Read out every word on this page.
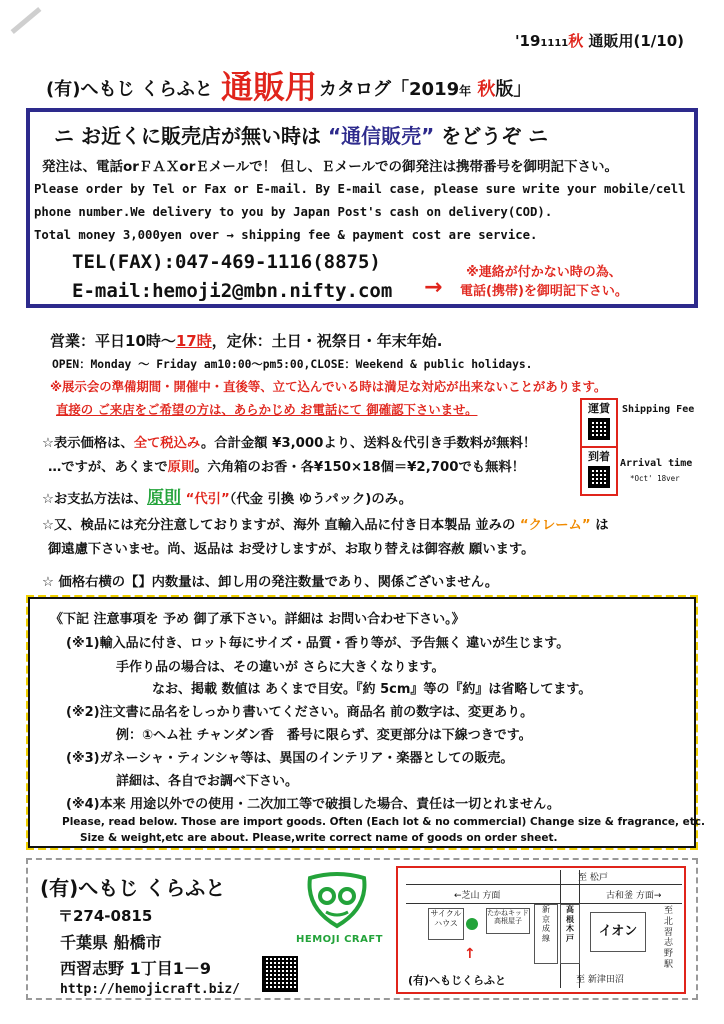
'191111秋 通販用(1/10)
(有)へもじ くらふと 通販用 カタログ「2019年 秋版」
ニ お近くに販売店が無い時は “通信販売” をどうぞ ニ
発注は、電話orＦＡＸorＥメールで！ 但し、Ｅメールでの御発注は携帯番号を御明記下さい。
Please order by Tel or Fax or E-mail. By E-mail case, please sure write your mobile/cell
phone number.We delivery to you by Japan Post's cash on delivery(COD).
Total money 3,000yen over → shipping fee & payment cost are service.
TEL(FAX):047-469-1116(8875)
E-mail:hemoji2@mbn.nifty.com →
※連絡が付かない時の為、
電話(携帯)を御明記下さい。
営業：平日10時～17時，定休：土日・祝祭日・年末年始.
OPEN：Monday ～ Friday am10:00～pm5:00,CLOSE：Weekend & public holidays.
※展示会の準備期間・開催中・直後等、立て込んでいる時は満足な対応が出来ないことがあります。
直接の ご来店をご希望の方は、あらかじめ お電話にて 御確認下さいませ。	運賃
到着
Shipping Fee
Arrival time
*Oct' 18ver
☆表示価格は、全て税込み。合計金額 ¥3,000より、送料＆代引き手数料が無料！
…ですが、あくまで原則。六角箱のお香・各¥150×18個＝¥2,700でも無料！
☆お支払方法は、原則 “代引”（代金 引換 ゆうパック)のみ。
☆又、検品には充分注意しておりますが、海外 直輸入品に付き日本製品 並みの “クレーム” は
御遠慮下さいませ。尚、返品は お受けしますが、お取り替えは御容赦 願います。
☆ 価格右横の【】内数量は、卸し用の発注数量であり、関係ございません。
《下記 注意事項を 予め 御了承下さい。詳細は お問い合わせ下さい。》
(※1)輸入品に付き、ロット毎にサイズ・品質・香り等が、予告無く 違いが生じます。
手作り品の場合は、その違いが さらに大きくなります。
なお、掲載 数値は あくまで目安。『約 5cm』等の『約』は省略してます。
(※2)注文書に品名をしっかり書いてください。商品名 前の数字は、変更あり。
例：①ヘム社 チャンダン香　番号に限らず、変更部分は下線つきです。
(※3)ガネーシャ・ティンシャ等は、異国のインテリア・楽器としての販売。
詳細は、各自でお調べ下さい。
(※4)本来 用途以外での使用・二次加工等で破損した場合、責任は一切とれません。
Please, read below. Those are import goods. Often (Each lot & no commercial) Change size & fragrance, etc.
Size & weight,etc are about. Please,write correct name of goods on order sheet.
(有)へもじ くらふと
〒274-0815
千葉県 船橋市
西習志野 1丁目1－9
http://hemojicraft.biz/
HEMOJI CRAFT
至 松戸
←芝山 方面	古和釜 方面→
サイクル
ハウス
たかねキッド
高根屋子
新
京
成
線
高
根
木
戸	イオン
至
北
習
志
野
駅
至 新津田沼
↑
(有)へもじくらふと
